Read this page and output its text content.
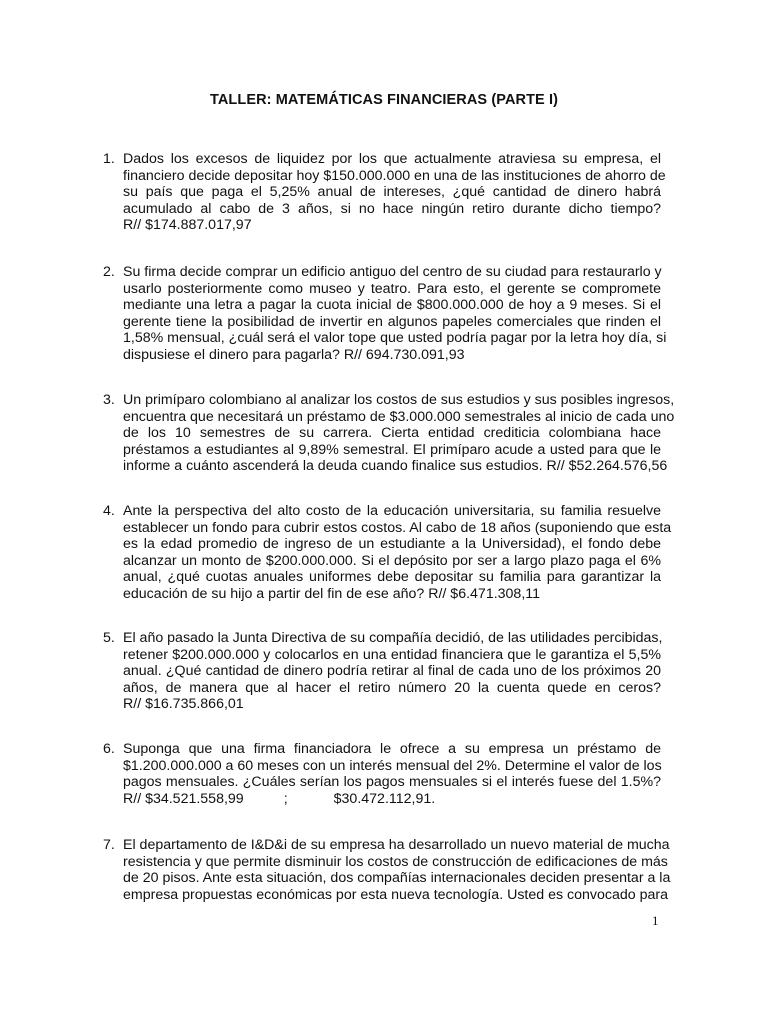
TALLER: MATEMÁTICAS FINANCIERAS (PARTE I)
1. Dados los excesos de liquidez por los que actualmente atraviesa su empresa, el
financiero decide depositar hoy $150.000.000 en una de las instituciones de ahorro de
su país que paga el 5,25% anual de intereses, ¿qué cantidad de dinero habrá
acumulado al cabo de 3 años, si no hace ningún retiro durante dicho tiempo?
R// $174.887.017,97
2. Su firma decide comprar un edificio antiguo del centro de su ciudad para restaurarlo y
usarlo posteriormente como museo y teatro. Para esto, el gerente se compromete
mediante una letra a pagar la cuota inicial de $800.000.000 de hoy a 9 meses. Si el
gerente tiene la posibilidad de invertir en algunos papeles comerciales que rinden el
1,58% mensual, ¿cuál será el valor tope que usted podría pagar por la letra hoy día, si
dispusiese el dinero para pagarla? R// 694.730.091,93
3. Un primíparo colombiano al analizar los costos de sus estudios y sus posibles ingresos,
encuentra que necesitará un préstamo de $3.000.000 semestrales al inicio de cada uno
de los 10 semestres de su carrera. Cierta entidad crediticia colombiana hace
préstamos a estudiantes al 9,89% semestral. El primíparo acude a usted para que le
informe a cuánto ascenderá la deuda cuando finalice sus estudios. R// $52.264.576,56
4. Ante la perspectiva del alto costo de la educación universitaria, su familia resuelve
establecer un fondo para cubrir estos costos. Al cabo de 18 años (suponiendo que esta
es la edad promedio de ingreso de un estudiante a la Universidad), el fondo debe
alcanzar un monto de $200.000.000. Si el depósito por ser a largo plazo paga el 6%
anual, ¿qué cuotas anuales uniformes debe depositar su familia para garantizar la
educación de su hijo a partir del fin de ese año? R// $6.471.308,11
5. El año pasado la Junta Directiva de su compañía decidió, de las utilidades percibidas,
retener $200.000.000 y colocarlos en una entidad financiera que le garantiza el 5,5%
anual. ¿Qué cantidad de dinero podría retirar al final de cada uno de los próximos 20
años, de manera que al hacer el retiro número 20 la cuenta quede en ceros?
R// $16.735.866,01
6. Suponga que una firma financiadora le ofrece a su empresa un préstamo de
$1.200.000.000 a 60 meses con un interés mensual del 2%. Determine el valor de los
pagos mensuales. ¿Cuáles serían los pagos mensuales si el interés fuese del 1.5%?
R// $34.521.558,99	;	$30.472.112,91.
7. El departamento de I&D&i de su empresa ha desarrollado un nuevo material de mucha
resistencia y que permite disminuir los costos de construcción de edificaciones de más
de 20 pisos. Ante esta situación, dos compañías internacionales deciden presentar a la
empresa propuestas económicas por esta nueva tecnología. Usted es convocado para
1
